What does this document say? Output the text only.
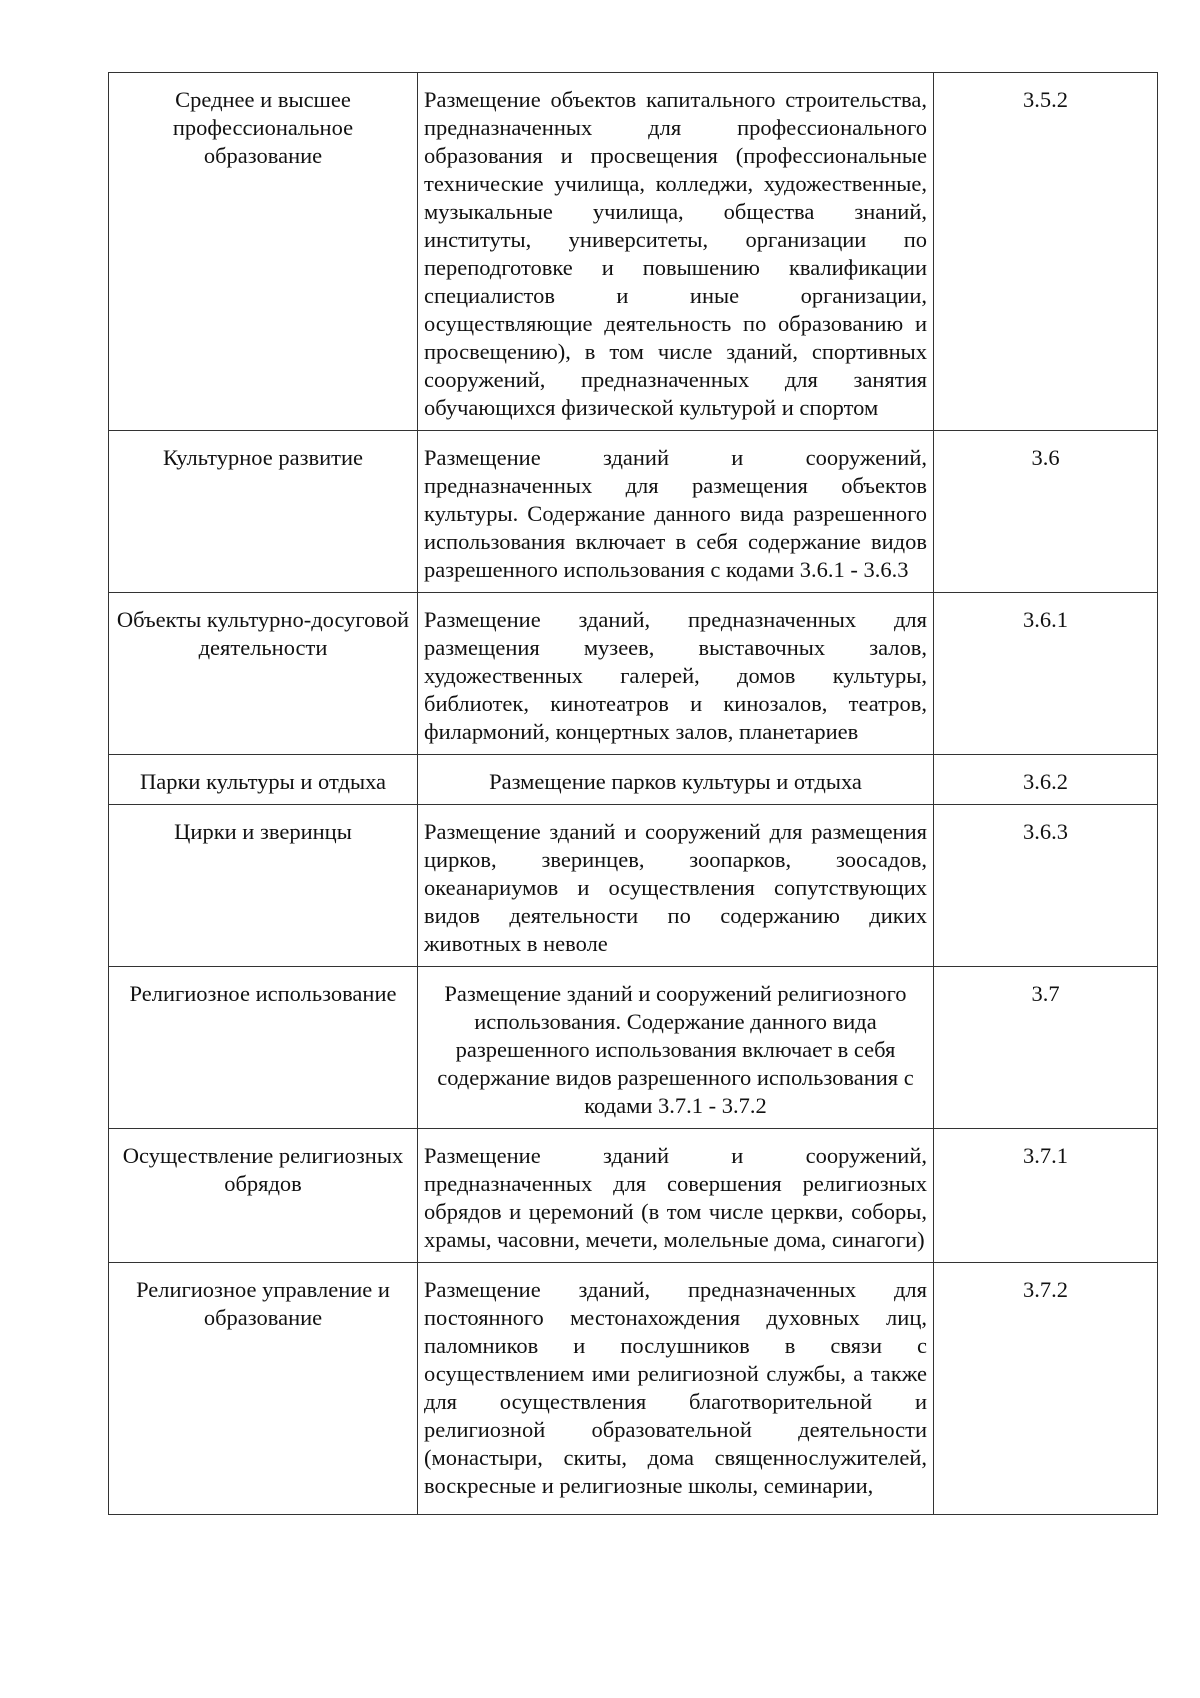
Среднее и высшее профессиональное образование	Размещение объектов капитального строительства, предназначенных для профессионального образования и просвещения (профессиональные технические училища, колледжи, художественные, музыкальные училища, общества знаний, институты, университеты, организации по переподготовке и повышению квалификации специалистов и иные организации, осуществляющие деятельность по образованию и просвещению), в том числе зданий, спортивных сооружений, предназначенных для занятия обучающихся физической культурой и спортом	3.5.2
Культурное развитие	Размещение зданий и сооружений, предназначенных для размещения объектов культуры. Содержание данного вида разрешенного использования включает в себя содержание видов разрешенного использования с кодами 3.6.1 - 3.6.3	3.6
Объекты культурно-досуговой деятельности	Размещение зданий, предназначенных для размещения музеев, выставочных залов, художественных галерей, домов культуры, библиотек, кинотеатров и кинозалов, театров, филармоний, концертных залов, планетариев	3.6.1
Парки культуры и отдыха	Размещение парков культуры и отдыха	3.6.2
Цирки и зверинцы	Размещение зданий и сооружений для размещения цирков, зверинцев, зоопарков, зоосадов, океанариумов и осуществления сопутствующих видов деятельности по содержанию диких животных в неволе	3.6.3
Религиозное использование	Размещение зданий и сооружений религиозного использования. Содержание данного вида разрешенного использования включает в себя содержание видов разрешенного использования с кодами 3.7.1 - 3.7.2	3.7
Осуществление религиозных обрядов	Размещение зданий и сооружений, предназначенных для совершения религиозных обрядов и церемоний (в том числе церкви, соборы, храмы, часовни, мечети, молельные дома, синагоги)	3.7.1
Религиозное управление и образование	Размещение зданий, предназначенных для постоянного местонахождения духовных лиц, паломников и послушников в связи с осуществлением ими религиозной службы, а также для осуществления благотворительной и религиозной образовательной деятельности (монастыри, скиты, дома священнослужителей, воскресные и религиозные школы, семинарии,	3.7.2
